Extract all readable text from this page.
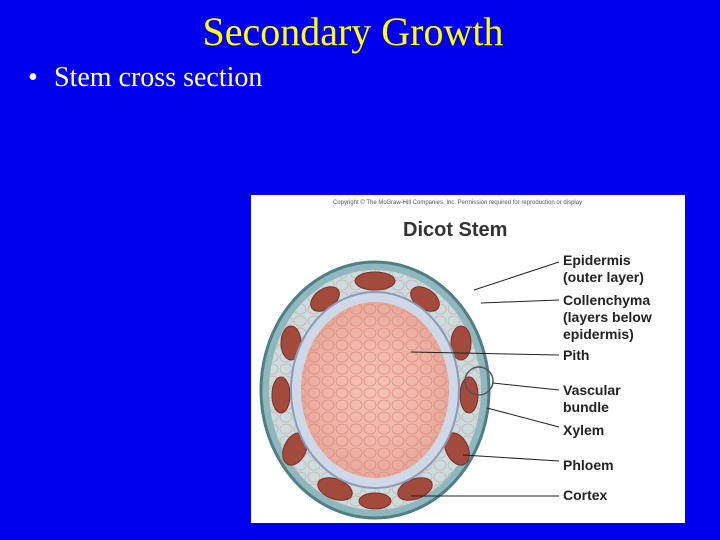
Secondary Growth
• Stem cross section
Copyright © The McGraw-Hill Companies, Inc. Permission required for reproduction or display
Dicot Stem
Epidermis
(outer layer)
Collenchyma
(layers below
epidermis)
Pith
Vascular
bundle
Xylem
Phloem
Cortex
